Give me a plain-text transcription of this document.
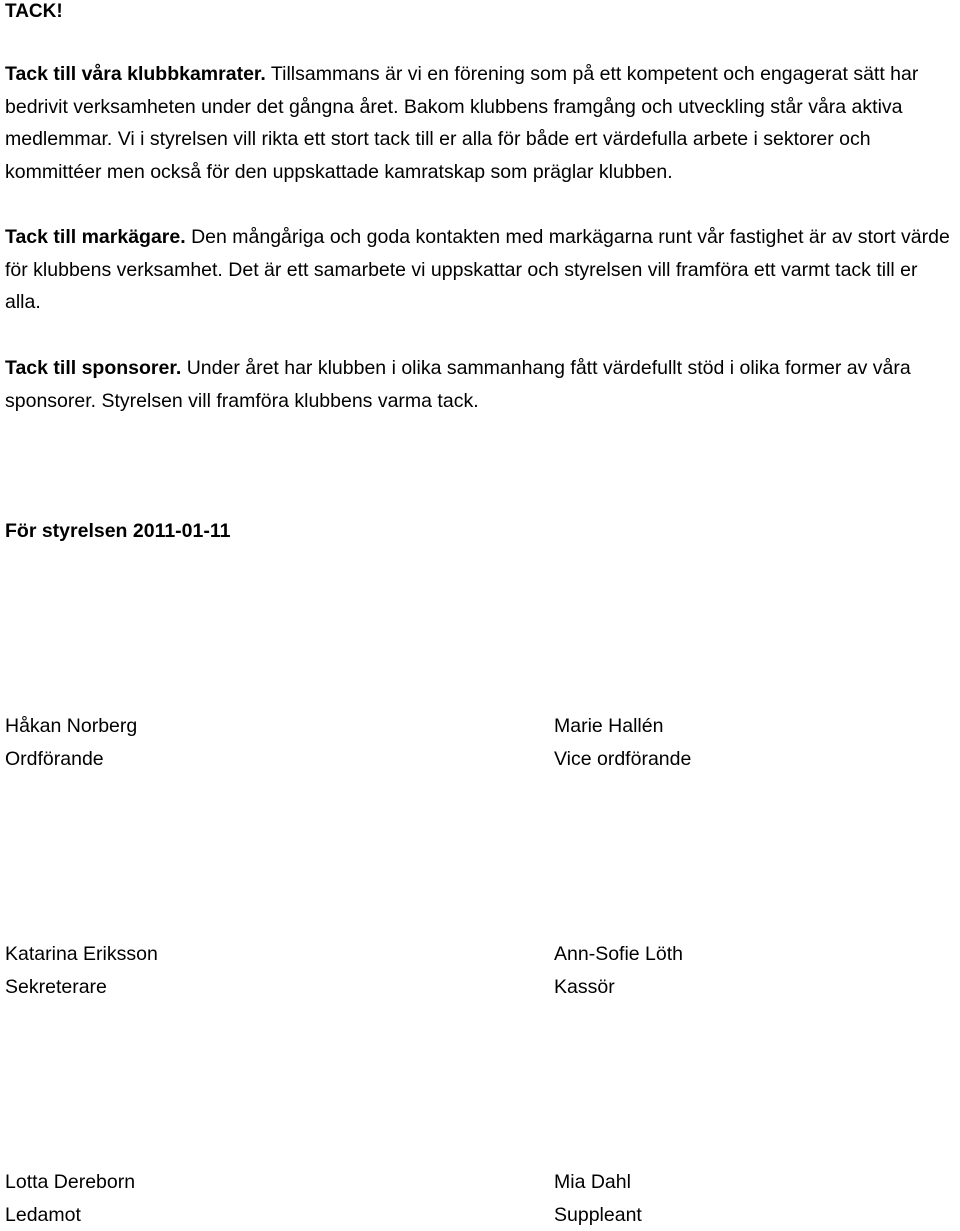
TACK!

Tack till våra klubbkamrater. Tillsammans är vi en förening som på ett kompetent och engagerat sätt har bedrivit verksamheten under det gångna året. Bakom klubbens framgång och utveckling står våra aktiva medlemmar. Vi i styrelsen vill rikta ett stort tack till er alla för både ert värdefulla arbete i sektorer och kommittéer men också för den uppskattade kamratskap som präglar klubben.

Tack till markägare. Den mångåriga och goda kontakten med markägarna runt vår fastighet är av stort värde för klubbens verksamhet. Det är ett samarbete vi uppskattar och styrelsen vill framföra ett varmt tack till er alla.

Tack till sponsorer. Under året har klubben i olika sammanhang fått värdefullt stöd i olika former av våra sponsorer. Styrelsen vill framföra klubbens varma tack.

För styrelsen 2011-01-11
Håkan Norberg
Ordförande
Marie Hallén
Vice ordförande
Katarina Eriksson
Sekreterare
Ann-Sofie Löth
Kassör
Lotta Dereborn
Ledamot
Mia Dahl
Suppleant
